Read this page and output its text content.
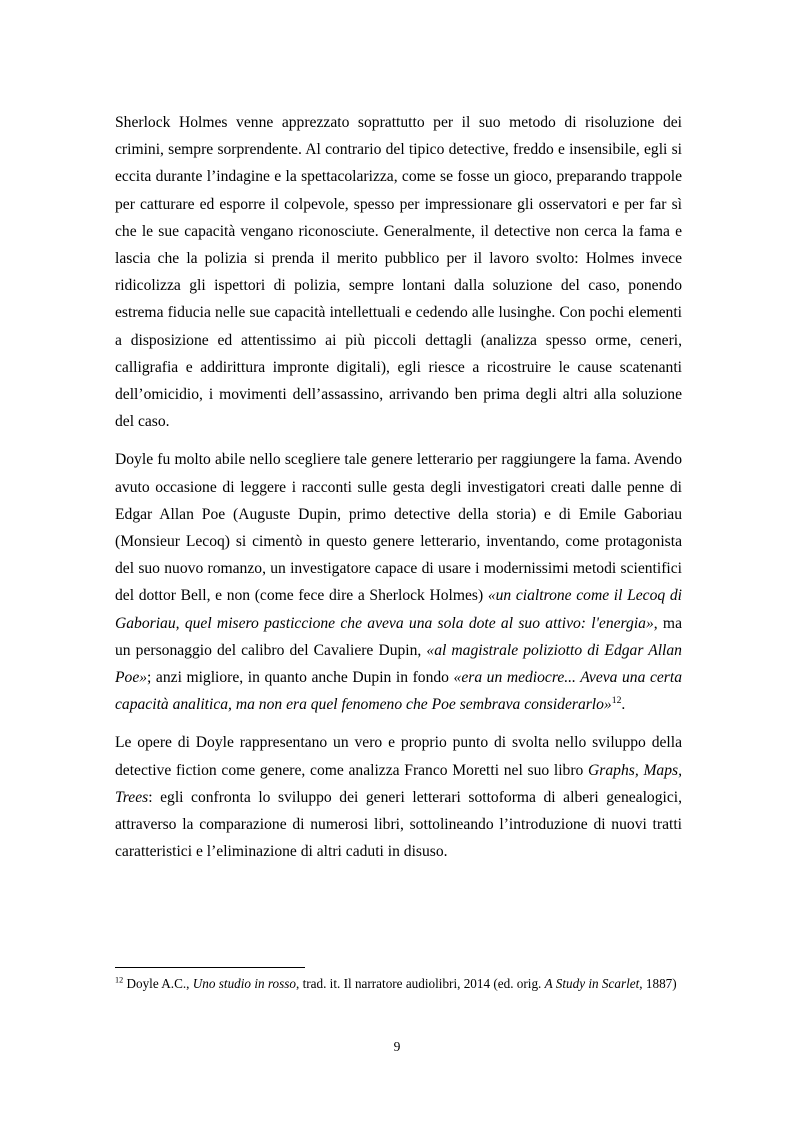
Sherlock Holmes venne apprezzato soprattutto per il suo metodo di risoluzione dei crimini, sempre sorprendente. Al contrario del tipico detective, freddo e insensibile, egli si eccita durante l’indagine e la spettacolarizza, come se fosse un gioco, preparando trappole per catturare ed esporre il colpevole, spesso per impressionare gli osservatori e per far sì che le sue capacità vengano riconosciute. Generalmente, il detective non cerca la fama e lascia che la polizia si prenda il merito pubblico per il lavoro svolto: Holmes invece ridicolizza gli ispettori di polizia, sempre lontani dalla soluzione del caso, ponendo estrema fiducia nelle sue capacità intellettuali e cedendo alle lusinghe. Con pochi elementi a disposizione ed attentissimo ai più piccoli dettagli (analizza spesso orme, ceneri, calligrafia e addirittura impronte digitali), egli riesce a ricostruire le cause scatenanti dell’omicidio, i movimenti dell’assassino, arrivando ben prima degli altri alla soluzione del caso.

Doyle fu molto abile nello scegliere tale genere letterario per raggiungere la fama. Avendo avuto occasione di leggere i racconti sulle gesta degli investigatori creati dalle penne di Edgar Allan Poe (Auguste Dupin, primo detective della storia) e di Emile Gaboriau (Monsieur Lecoq) si cimentò in questo genere letterario, inventando, come protagonista del suo nuovo romanzo, un investigatore capace di usare i modernissimi metodi scientifici del dottor Bell, e non (come fece dire a Sherlock Holmes) «un cialtrone come il Lecoq di Gaboriau, quel misero pasticcione che aveva una sola dote al suo attivo: l'energia», ma un personaggio del calibro del Cavaliere Dupin, «al magistrale poliziotto di Edgar Allan Poe»; anzi migliore, in quanto anche Dupin in fondo «era un mediocre... Aveva una certa capacità analitica, ma non era quel fenomeno che Poe sembrava considerarlo»$^{12}$.

Le opere di Doyle rappresentano un vero e proprio punto di svolta nello sviluppo della detective fiction come genere, come analizza Franco Moretti nel suo libro Graphs, Maps, Trees: egli confronta lo sviluppo dei generi letterari sottoforma di alberi genealogici, attraverso la comparazione di numerosi libri, sottolineando l’introduzione di nuovi tratti caratteristici e l’eliminazione di altri caduti in disuso.

$^{12}$ Doyle A.C., Uno studio in rosso, trad. it. Il narratore audiolibri, 2014 (ed. orig. A Study in Scarlet, 1887)
9
